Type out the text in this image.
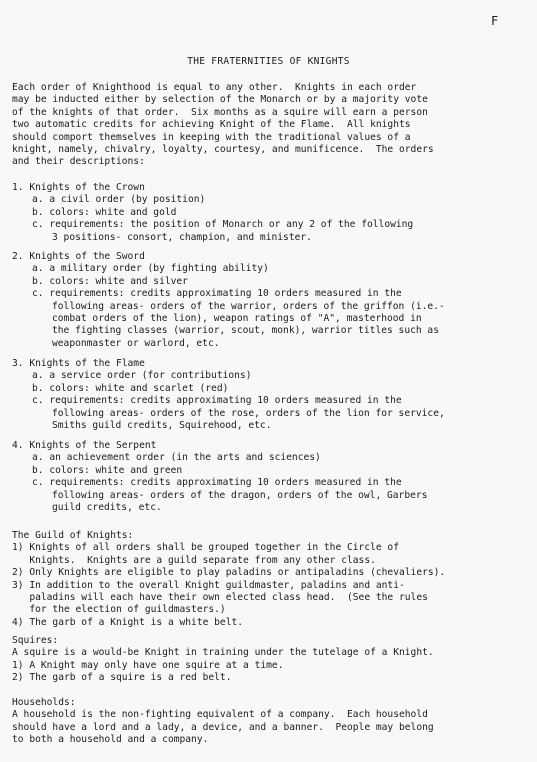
F
THE FRATERNITIES OF KNIGHTS
Each order of Knighthood is equal to any other.  Knights in each order
may be inducted either by selection of the Monarch or by a majority vote
of the knights of that order.  Six months as a squire will earn a person
two automatic credits for achieving Knight of the Flame.  All knights
should comport themselves in keeping with the traditional values of a
knight, namely, chivalry, loyalty, courtesy, and munificence.  The orders
and their descriptions:
1. Knights of the Crown
a. a civil order (by position)
b. colors: white and gold
c. requirements: the position of Monarch or any 2 of the following
3 positions- consort, champion, and minister.
2. Knights of the Sword
a. a military order (by fighting ability)
b. colors: white and silver
c. requirements: credits approximating 10 orders measured in the
following areas- orders of the warrior, orders of the griffon (i.e.-
combat orders of the lion), weapon ratings of "A", masterhood in
the fighting classes (warrior, scout, monk), warrior titles such as
weaponmaster or warlord, etc.
3. Knights of the Flame
a. a service order (for contributions)
b. colors: white and scarlet (red)
c. requirements: credits approximating 10 orders measured in the
following areas- orders of the rose, orders of the lion for service,
Smiths guild credits, Squirehood, etc.
4. Knights of the Serpent
a. an achievement order (in the arts and sciences)
b. colors: white and green
c. requirements: credits approximating 10 orders measured in the
following areas- orders of the dragon, orders of the owl, Garbers
guild credits, etc.
The Guild of Knights:
1) Knights of all orders shall be grouped together in the Circle of
Knights.  Knights are a guild separate from any other class.
2) Only Knights are eligible to play paladins or antipaladins (chevaliers).
3) In addition to the overall Knight guildmaster, paladins and anti-
paladins will each have their own elected class head.  (See the rules
for the election of guildmasters.)
4) The garb of a Knight is a white belt.
Squires:
A squire is a would-be Knight in training under the tutelage of a Knight.
1) A Knight may only have one squire at a time.
2) The garb of a squire is a red belt.
Households:
A household is the non-fighting equivalent of a company.  Each household
should have a lord and a lady, a device, and a banner.  People may belong
to both a household and a company.
